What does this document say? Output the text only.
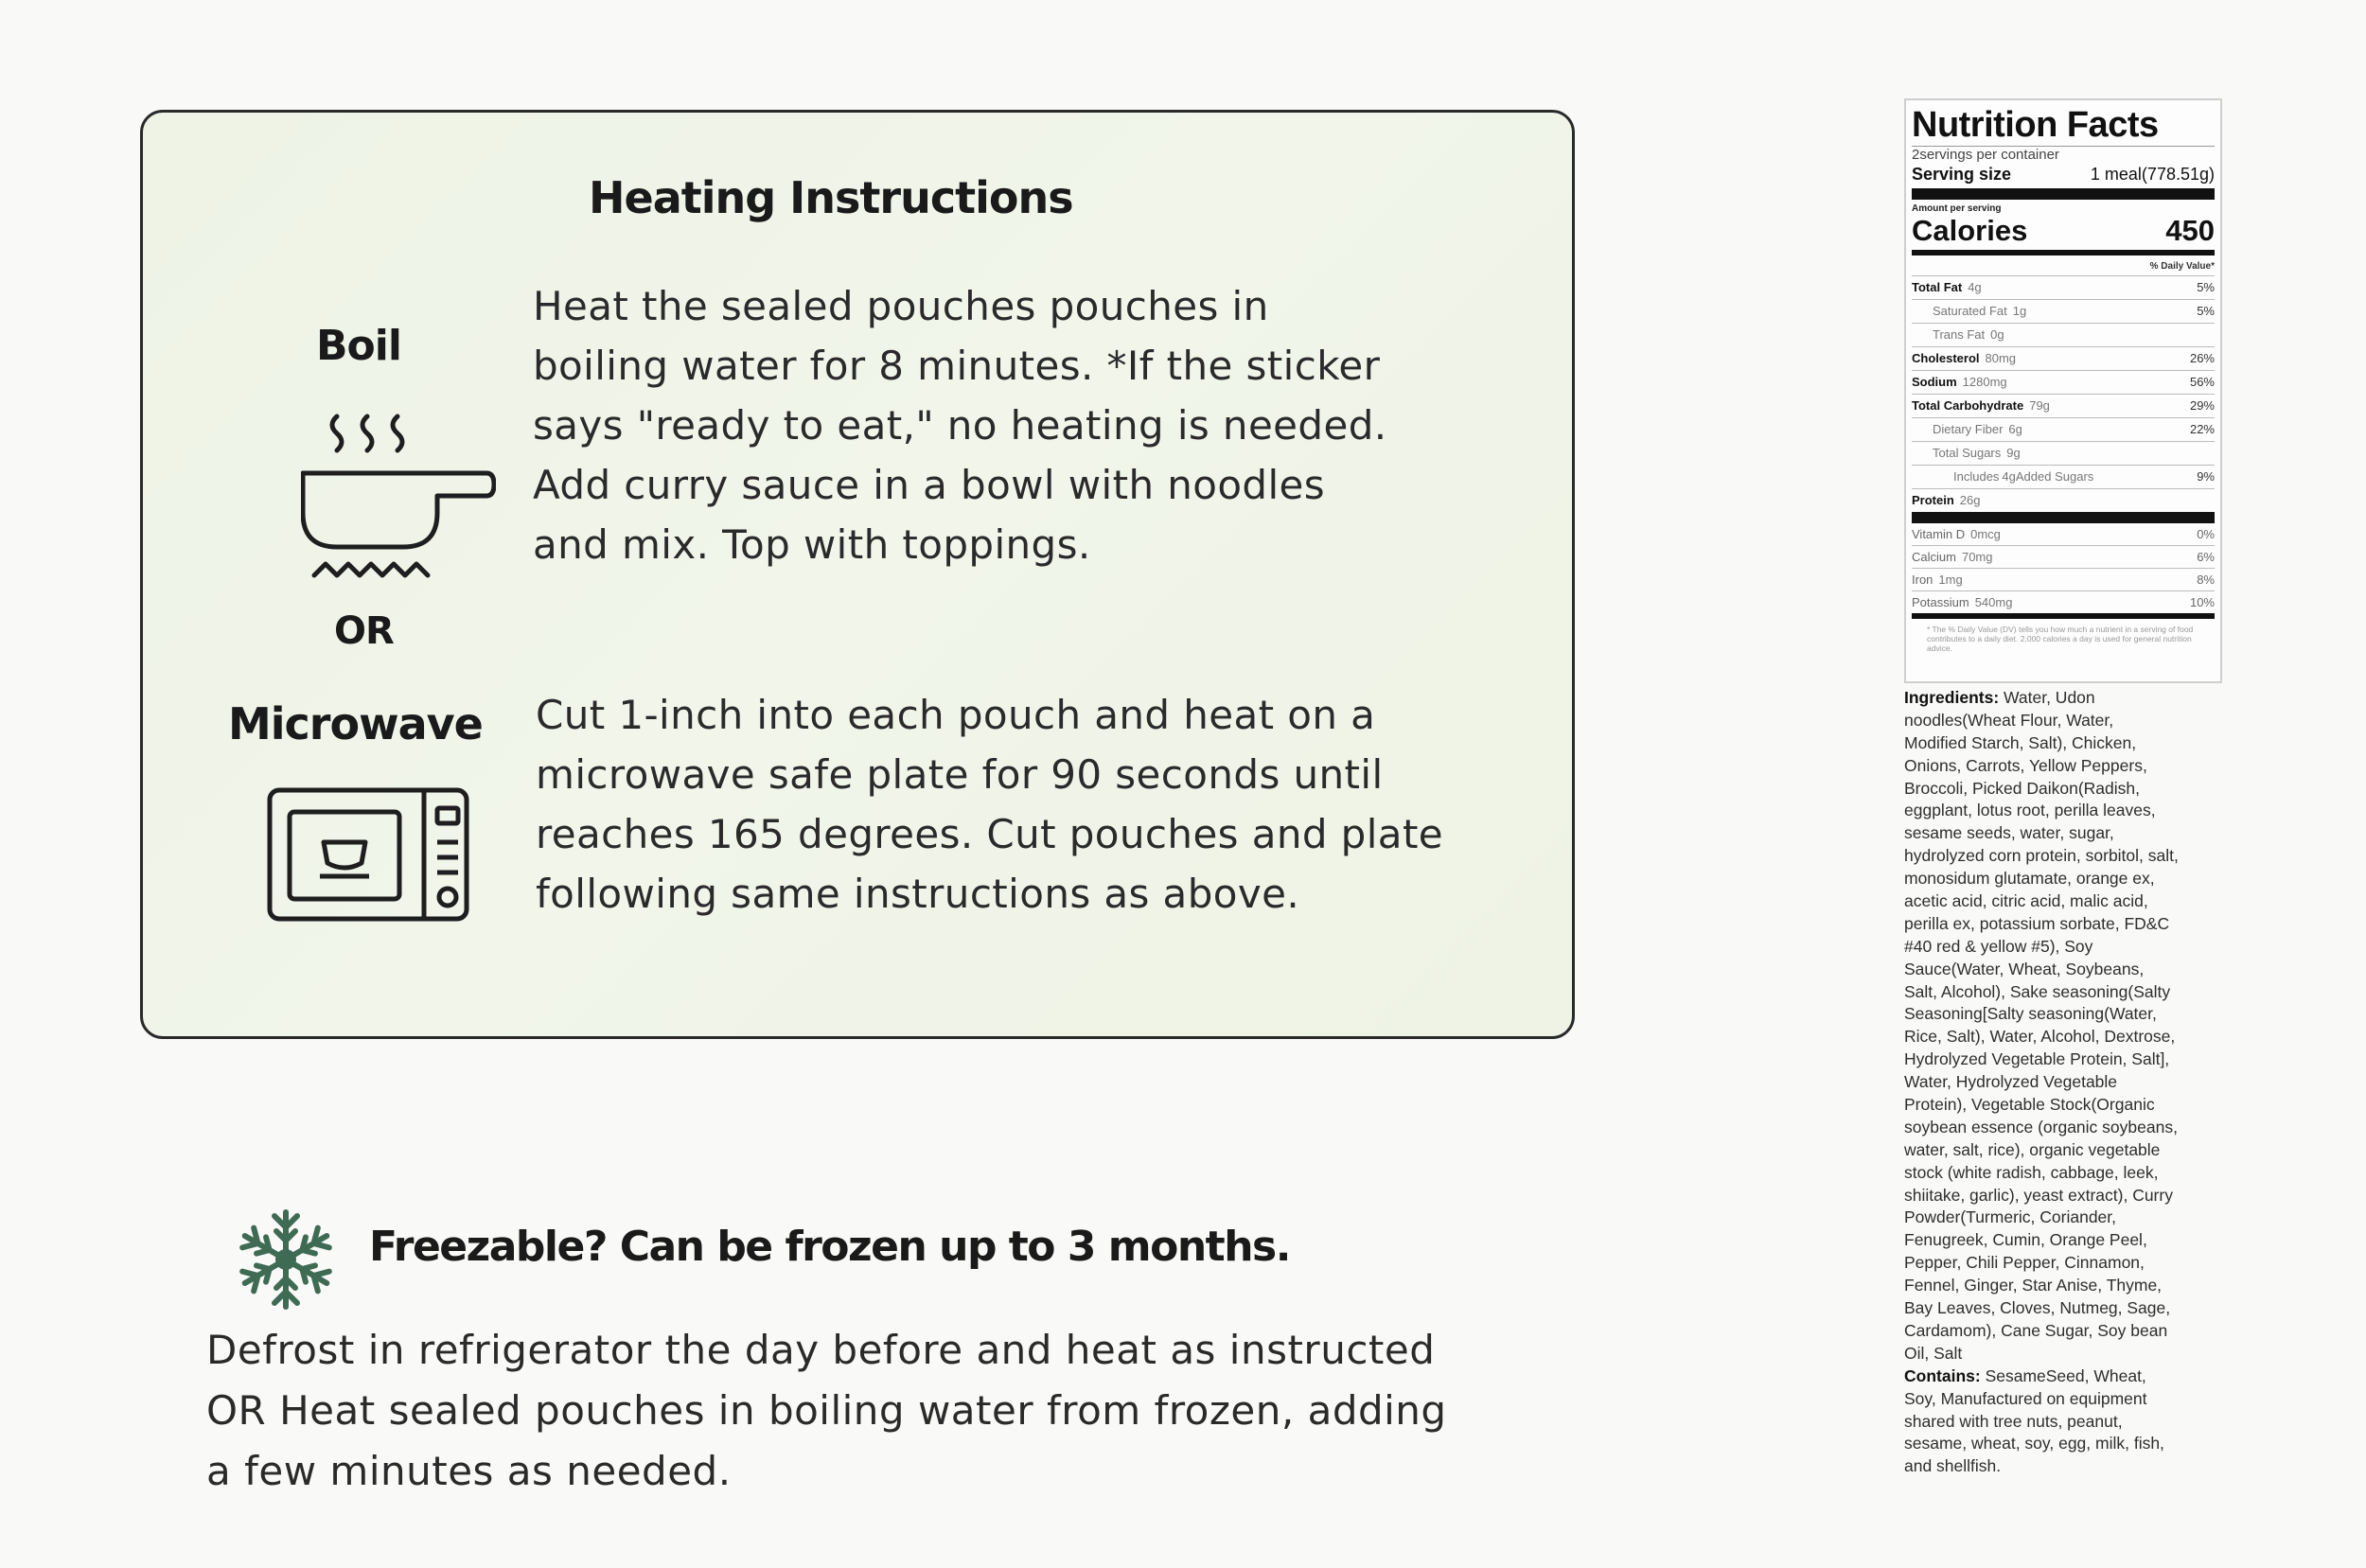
Heating Instructions
Boil
OR
Microwave
Heat the sealed pouches pouches in
boiling water for 8 minutes. *If the sticker
says "ready to eat," no heating is needed.
Add curry sauce in a bowl with noodles
and mix. Top with toppings.
Cut 1-inch into each pouch and heat on a
microwave safe plate for 90 seconds until
reaches 165 degrees. Cut pouches and plate
following same instructions as above.
Freezable? Can be frozen up to 3 months.
Defrost in refrigerator the day before and heat as instructed
OR Heat sealed pouches in boiling water from frozen, adding
a few minutes as needed.
Nutrition Facts
2servings per container
Serving size	1 meal(778.51g)
Amount per serving
Calories	450
% Daily Value*
Total Fat 4g	5%
Saturated Fat 1g	5%
Trans Fat 0g
Cholesterol 80mg	26%
Sodium 1280mg	56%
Total Carbohydrate 79g	29%
Dietary Fiber 6g	22%
Total Sugars 9g
Includes 4gAdded Sugars	9%
Protein 26g
Vitamin D 0mcg	0%
Calcium 70mg	6%
Iron 1mg	8%
Potassium 540mg	10%
* The % Daily Value (DV) tells you how much a nutrient in a serving of food contributes to a daily diet. 2,000 calories a day is used for general nutrition advice.
Ingredients: Water, Udon
noodles(Wheat Flour, Water,
Modified Starch, Salt), Chicken,
Onions, Carrots, Yellow Peppers,
Broccoli, Picked Daikon(Radish,
eggplant, lotus root, perilla leaves,
sesame seeds, water, sugar,
hydrolyzed corn protein, sorbitol, salt,
monosidum glutamate, orange ex,
acetic acid, citric acid, malic acid,
perilla ex, potassium sorbate, FD&C
#40 red & yellow #5), Soy
Sauce(Water, Wheat, Soybeans,
Salt, Alcohol), Sake seasoning(Salty
Seasoning[Salty seasoning(Water,
Rice, Salt), Water, Alcohol, Dextrose,
Hydrolyzed Vegetable Protein, Salt],
Water, Hydrolyzed Vegetable
Protein), Vegetable Stock(Organic
soybean essence (organic soybeans,
water, salt, rice), organic vegetable
stock (white radish, cabbage, leek,
shiitake, garlic), yeast extract), Curry
Powder(Turmeric, Coriander,
Fenugreek, Cumin, Orange Peel,
Pepper, Chili Pepper, Cinnamon,
Fennel, Ginger, Star Anise, Thyme,
Bay Leaves, Cloves, Nutmeg, Sage,
Cardamom), Cane Sugar, Soy bean
Oil, Salt
Contains: SesameSeed, Wheat,
Soy, Manufactured on equipment
shared with tree nuts, peanut,
sesame, wheat, soy, egg, milk, fish,
and shellfish.
